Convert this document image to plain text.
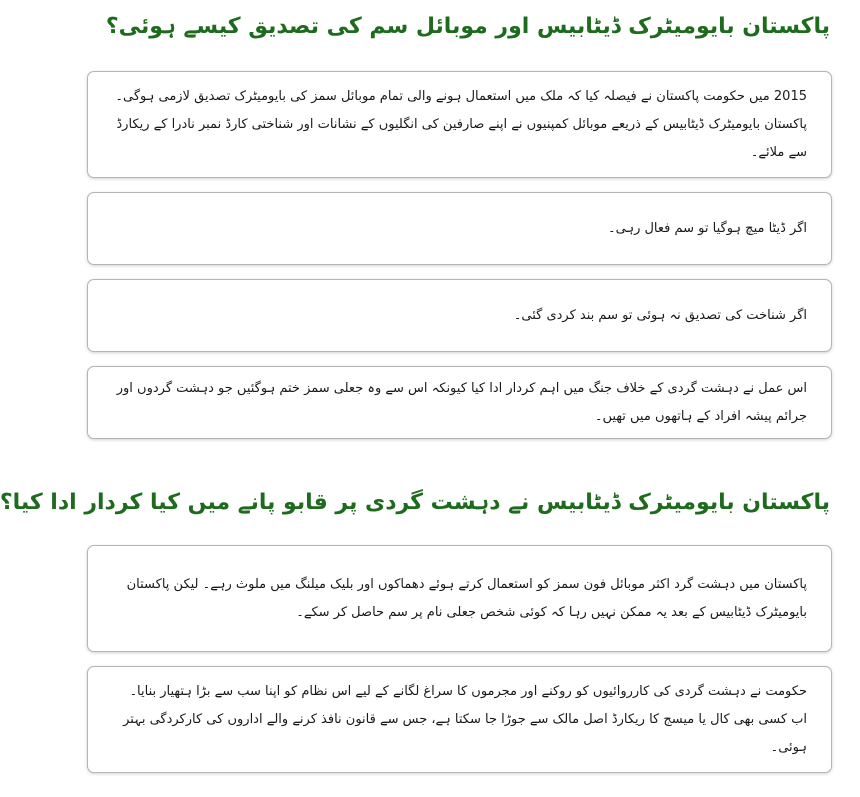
پاکستان بایومیٹرک ڈیٹابیس اور موبائل سم کی تصدیق کیسے ہوئی؟

2015 میں حکومت پاکستان نے فیصلہ کیا کہ ملک میں استعمال ہونے والی تمام موبائل سمز کی بایومیٹرک تصدیق لازمی ہوگی۔ پاکستان بایومیٹرک ڈیٹابیس کے ذریعے موبائل کمپنیوں نے اپنے صارفین کی انگلیوں کے نشانات اور شناختی کارڈ نمبر نادرا کے ریکارڈ سے ملائے۔

اگر ڈیٹا میچ ہوگیا تو سم فعال رہی۔

اگر شناخت کی تصدیق نہ ہوئی تو سم بند کردی گئی۔

اس عمل نے دہشت گردی کے خلاف جنگ میں اہم کردار ادا کیا کیونکہ اس سے وہ جعلی سمز ختم ہوگئیں جو دہشت گردوں اور جرائم پیشہ افراد کے ہاتھوں میں تھیں۔

پاکستان بایومیٹرک ڈیٹابیس نے دہشت گردی پر قابو پانے میں کیا کردار ادا کیا؟

پاکستان میں دہشت گرد اکثر موبائل فون سمز کو استعمال کرتے ہوئے دھماکوں اور بلیک میلنگ میں ملوث رہے۔ لیکن پاکستان بایومیٹرک ڈیٹابیس کے بعد یہ ممکن نہیں رہا کہ کوئی شخص جعلی نام پر سم حاصل کر سکے۔

حکومت نے دہشت گردی کی کارروائیوں کو روکنے اور مجرموں کا سراغ لگانے کے لیے اس نظام کو اپنا سب سے بڑا ہتھیار بنایا۔ اب کسی بھی کال یا میسج کا ریکارڈ اصل مالک سے جوڑا جا سکتا ہے، جس سے قانون نافذ کرنے والے اداروں کی کارکردگی بہتر ہوئی۔
